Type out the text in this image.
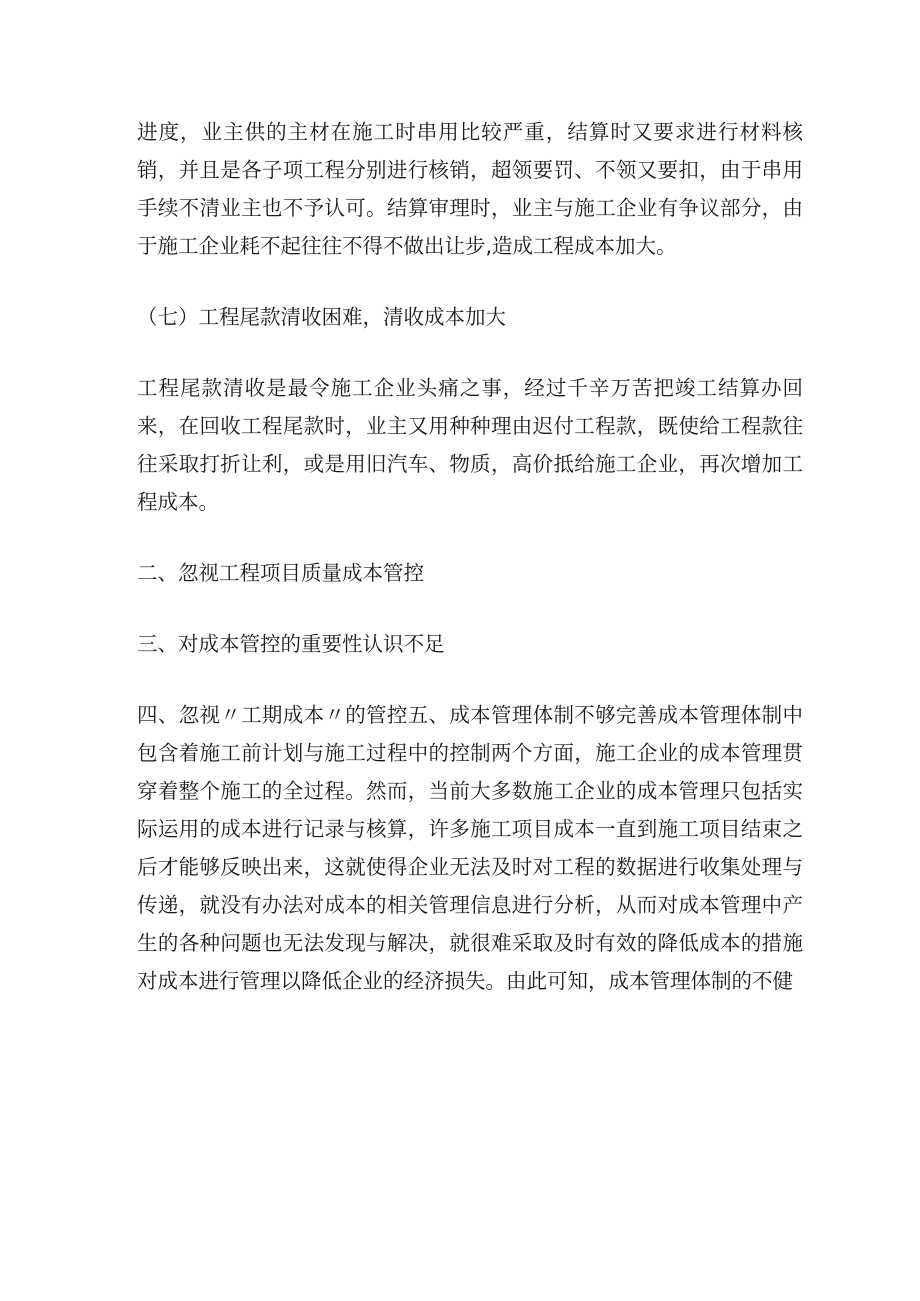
进度，业主供的主材在施工时串用比较严重，结算时又要求进行材料核销，并且是各子项工程分别进行核销，超领要罚、不领又要扣，由于串用手续不清业主也不予认可。结算审理时，业主与施工企业有争议部分，由于施工企业耗不起往往不得不做出让步,造成工程成本加大。

（七）工程尾款清收困难，清收成本加大

工程尾款清收是最令施工企业头痛之事，经过千辛万苦把竣工结算办回来，在回收工程尾款时，业主又用种种理由迟付工程款，既使给工程款往往采取打折让利，或是用旧汽车、物质，高价抵给施工企业，再次增加工程成本。

二、忽视工程项目质量成本管控

三、对成本管控的重要性认识不足

四、忽视〃工期成本〃的管控五、成本管理体制不够完善成本管理体制中包含着施工前计划与施工过程中的控制两个方面，施工企业的成本管理贯穿着整个施工的全过程。然而，当前大多数施工企业的成本管理只包括实际运用的成本进行记录与核算，许多施工项目成本一直到施工项目结束之后才能够反映出来，这就使得企业无法及时对工程的数据进行收集处理与传递，就没有办法对成本的相关管理信息进行分析，从而对成本管理中产生的各种问题也无法发现与解决，就很难采取及时有效的降低成本的措施对成本进行管理以降低企业的经济损失。由此可知，成本管理体制的不健
